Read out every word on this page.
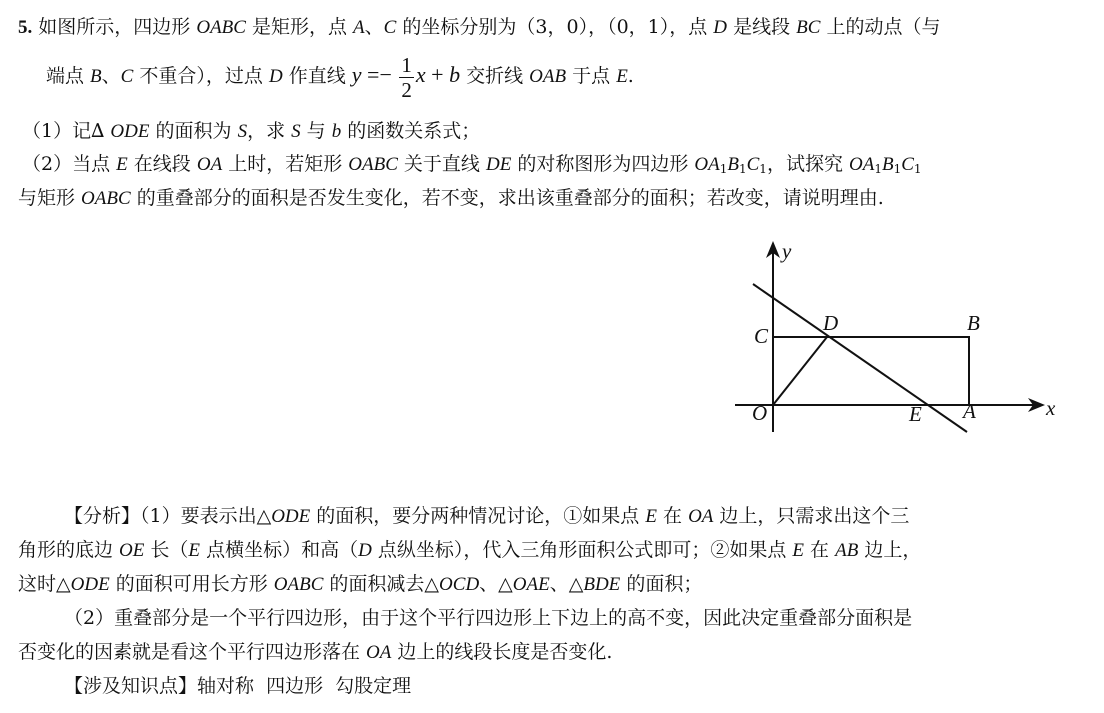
5. 如图所示，四边形 OABC 是矩形，点 A、C 的坐标分别为（3，0），（0，1），点 D 是线段 BC 上的动点（与
端点 B、C 不重合），过点 D 作直线 $y =- \frac{1}{2}$ x + b 交折线 OAB 于点 E.
（1）记∆ ODE 的面积为 S，求 S 与 b 的函数关系式；
（2）当点 E 在线段 OA 上时，若矩形 OABC 关于直线 DE 的对称图形为四边形 $OA_1B_1C_1$，试探究 $OA_1B_1C_1$
与矩形 OABC 的重叠部分的面积是否发生变化，若不变，求出该重叠部分的面积；若改变，请说明理由.
y
x
O
C
D	B
E A
【分析】（1）要表示出△ODE 的面积，要分两种情况讨论，①如果点 E 在 OA 边上，只需求出这个三
角形的底边 OE 长（E 点横坐标）和高（D 点纵坐标），代入三角形面积公式即可；②如果点 E 在 AB 边上，
这时△ODE 的面积可用长方形 OABC 的面积减去△OCD、△OAE、△BDE 的面积；
（2）重叠部分是一个平行四边形，由于这个平行四边形上下边上的高不变，因此决定重叠部分面积是
否变化的因素就是看这个平行四边形落在 OA 边上的线段长度是否变化.
【涉及知识点】轴对称  四边形  勾股定理
